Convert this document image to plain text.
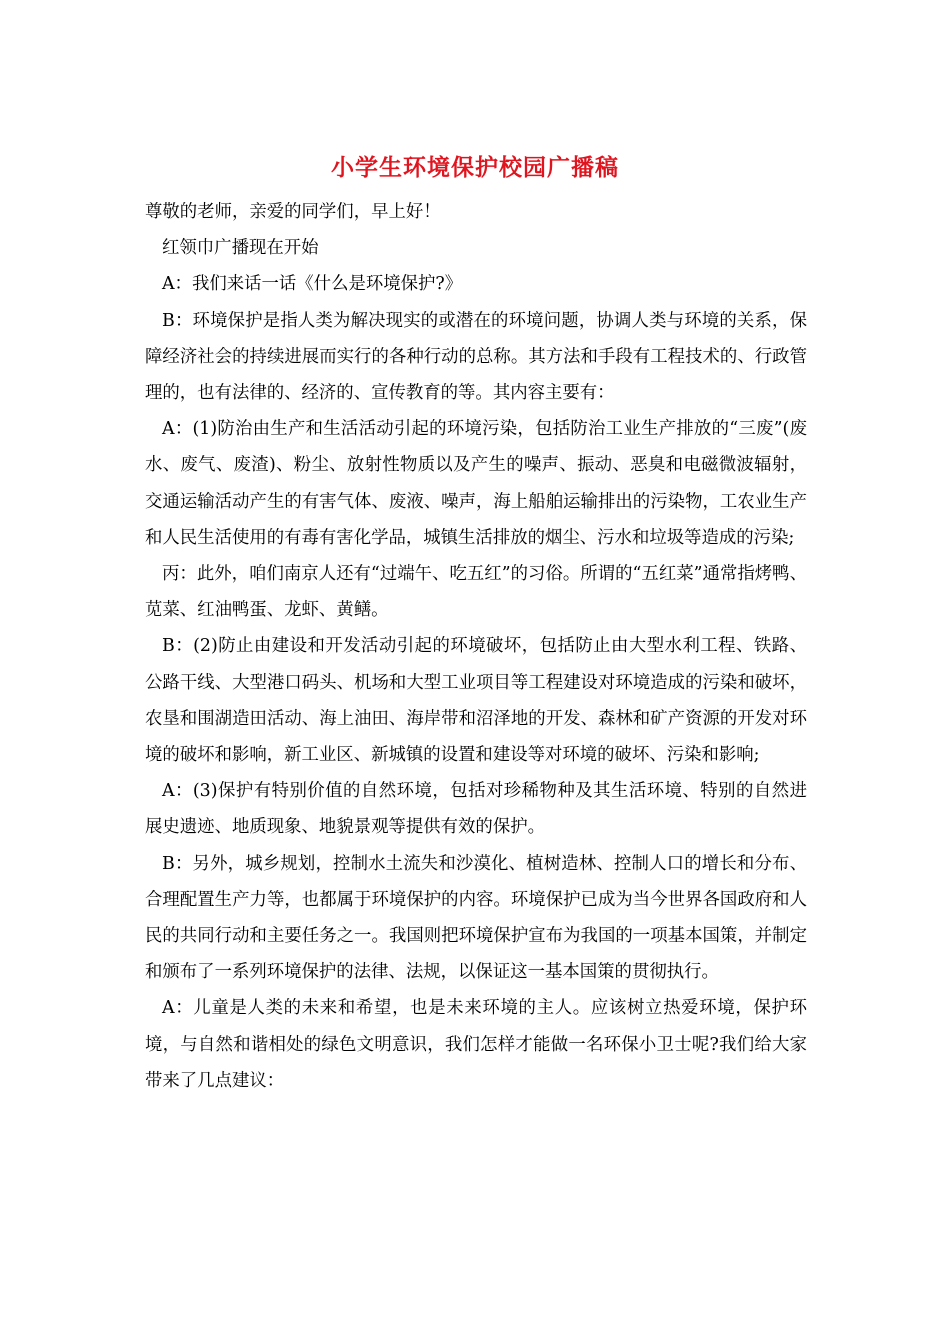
小学生环境保护校园广播稿

尊敬的老师，亲爱的同学们，早上好！

红领巾广播现在开始

A：我们来话一话《什么是环境保护?》

B：环境保护是指人类为解决现实的或潜在的环境问题，协调人类与环境的关系，保障经济社会的持续进展而实行的各种行动的总称。其方法和手段有工程技术的、行政管理的，也有法律的、经济的、宣传教育的等。其内容主要有：

A：(1)防治由生产和生活活动引起的环境污染，包括防治工业生产排放的“三废”(废水、废气、废渣)、粉尘、放射性物质以及产生的噪声、振动、恶臭和电磁微波辐射，交通运输活动产生的有害气体、废液、噪声，海上船舶运输排出的污染物，工农业生产和人民生活使用的有毒有害化学品，城镇生活排放的烟尘、污水和垃圾等造成的污染;

丙：此外，咱们南京人还有“过端午、吃五红”的习俗。所谓的“五红菜”通常指烤鸭、苋菜、红油鸭蛋、龙虾、黄鳝。

B：(2)防止由建设和开发活动引起的环境破坏，包括防止由大型水利工程、铁路、公路干线、大型港口码头、机场和大型工业项目等工程建设对环境造成的污染和破坏，农垦和围湖造田活动、海上油田、海岸带和沼泽地的开发、森林和矿产资源的开发对环境的破坏和影响，新工业区、新城镇的设置和建设等对环境的破坏、污染和影响;

A：(3)保护有特别价值的自然环境，包括对珍稀物种及其生活环境、特别的自然进展史遗迹、地质现象、地貌景观等提供有效的保护。

B：另外，城乡规划，控制水土流失和沙漠化、植树造林、控制人口的增长和分布、合理配置生产力等，也都属于环境保护的内容。环境保护已成为当今世界各国政府和人民的共同行动和主要任务之一。我国则把环境保护宣布为我国的一项基本国策，并制定和颁布了一系列环境保护的法律、法规，以保证这一基本国策的贯彻执行。

A：儿童是人类的未来和希望，也是未来环境的主人。应该树立热爱环境，保护环境，与自然和谐相处的绿色文明意识，我们怎样才能做一名环保小卫士呢?我们给大家带来了几点建议：
